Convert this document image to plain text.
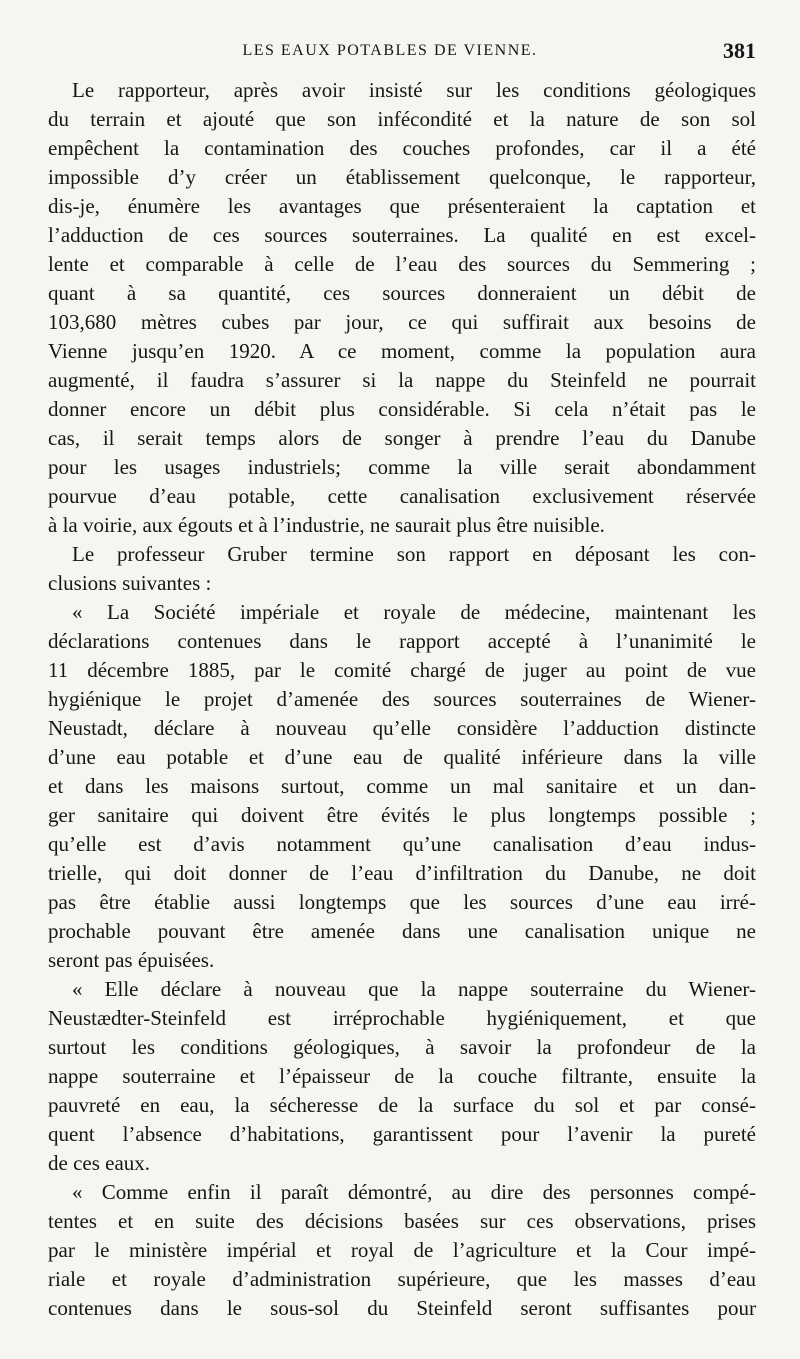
LES EAUX POTABLES DE VIENNE.	381
Le rapporteur, après avoir insisté sur les conditions géologiques
du terrain et ajouté que son infécondité et la nature de son sol
empêchent la contamination des couches profondes, car il a été
impossible d’y créer un établissement quelconque, le rapporteur,
dis-je, énumère les avantages que présenteraient la captation et
l’adduction de ces sources souterraines. La qualité en est excel-
lente et comparable à celle de l’eau des sources du Semmering ;
quant à sa quantité, ces sources donneraient un débit de
103,680 mètres cubes par jour, ce qui suffirait aux besoins de
Vienne jusqu’en 1920. A ce moment, comme la population aura
augmenté, il faudra s’assurer si la nappe du Steinfeld ne pourrait
donner encore un débit plus considérable. Si cela n’était pas le
cas, il serait temps alors de songer à prendre l’eau du Danube
pour les usages industriels; comme la ville serait abondamment
pourvue d’eau potable, cette canalisation exclusivement réservée
à la voirie, aux égouts et à l’industrie, ne saurait plus être nuisible.
Le professeur Gruber termine son rapport en déposant les con-
clusions suivantes :
« La Société impériale et royale de médecine, maintenant les
déclarations contenues dans le rapport accepté à l’unanimité le
11 décembre 1885, par le comité chargé de juger au point de vue
hygiénique le projet d’amenée des sources souterraines de Wiener-
Neustadt, déclare à nouveau qu’elle considère l’adduction distincte
d’une eau potable et d’une eau de qualité inférieure dans la ville
et dans les maisons surtout, comme un mal sanitaire et un dan-
ger sanitaire qui doivent être évités le plus longtemps possible ;
qu’elle est d’avis notamment qu’une canalisation d’eau indus-
trielle, qui doit donner de l’eau d’infiltration du Danube, ne doit
pas être établie aussi longtemps que les sources d’une eau irré-
prochable pouvant être amenée dans une canalisation unique ne
seront pas épuisées.
« Elle déclare à nouveau que la nappe souterraine du Wiener-
Neustædter-Steinfeld est irréprochable hygiéniquement, et que
surtout les conditions géologiques, à savoir la profondeur de la
nappe souterraine et l’épaisseur de la couche filtrante, ensuite la
pauvreté en eau, la sécheresse de la surface du sol et par consé-
quent l’absence d’habitations, garantissent pour l’avenir la pureté
de ces eaux.
« Comme enfin il paraît démontré, au dire des personnes compé-
tentes et en suite des décisions basées sur ces observations, prises
par le ministère impérial et royal de l’agriculture et la Cour impé-
riale et royale d’administration supérieure, que les masses d’eau
contenues dans le sous-sol du Steinfeld seront suffisantes pour
